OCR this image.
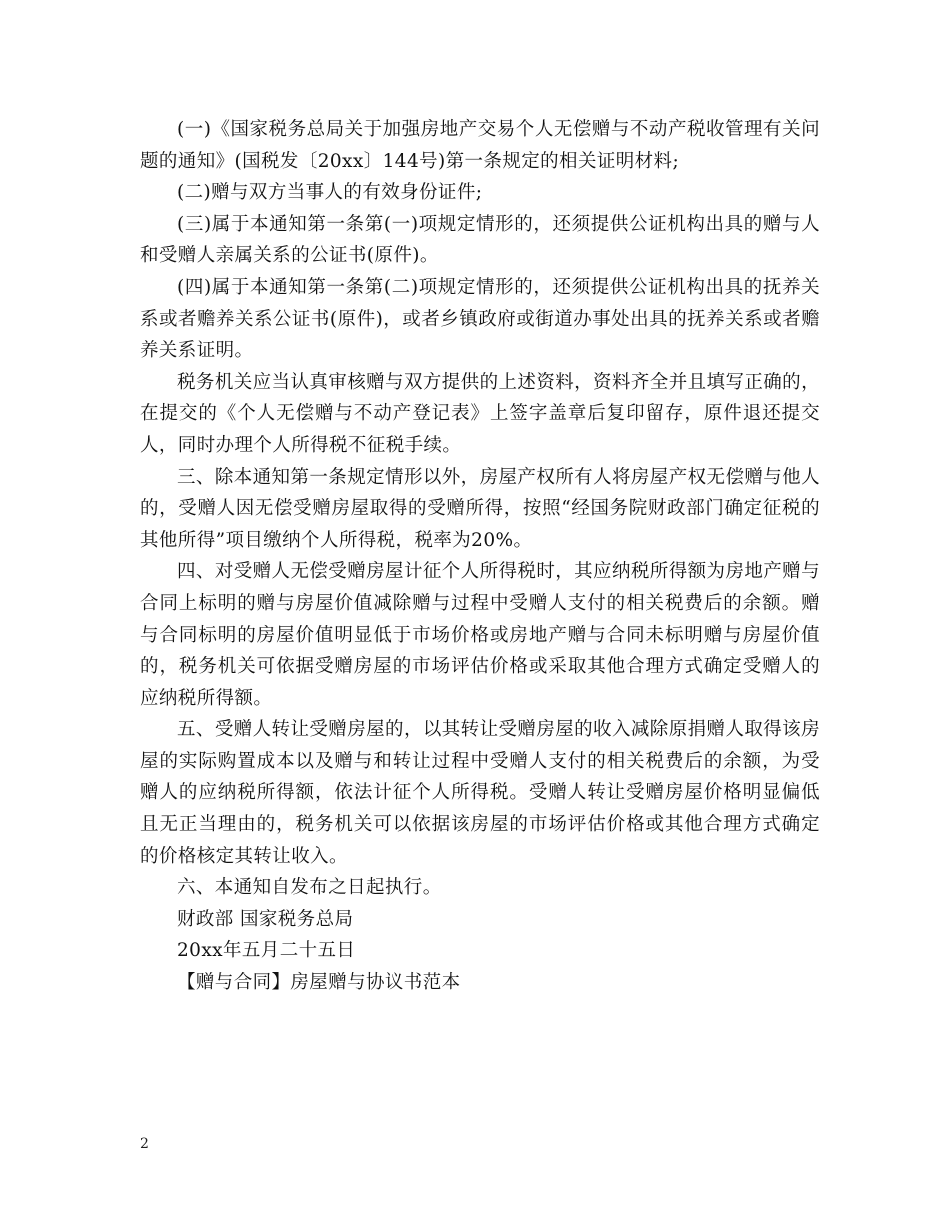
(一)《国家税务总局关于加强房地产交易个人无偿赠与不动产税收管理有关问题的通知》(国税发〔20xx〕144号)第一条规定的相关证明材料;

(二)赠与双方当事人的有效身份证件;

(三)属于本通知第一条第(一)项规定情形的，还须提供公证机构出具的赠与人和受赠人亲属关系的公证书(原件)。

(四)属于本通知第一条第(二)项规定情形的，还须提供公证机构出具的抚养关系或者赡养关系公证书(原件)，或者乡镇政府或街道办事处出具的抚养关系或者赡养关系证明。

税务机关应当认真审核赠与双方提供的上述资料，资料齐全并且填写正确的，在提交的《个人无偿赠与不动产登记表》上签字盖章后复印留存，原件退还提交人，同时办理个人所得税不征税手续。

三、除本通知第一条规定情形以外，房屋产权所有人将房屋产权无偿赠与他人的，受赠人因无偿受赠房屋取得的受赠所得，按照“经国务院财政部门确定征税的其他所得”项目缴纳个人所得税，税率为20%。

四、对受赠人无偿受赠房屋计征个人所得税时，其应纳税所得额为房地产赠与合同上标明的赠与房屋价值减除赠与过程中受赠人支付的相关税费后的余额。赠与合同标明的房屋价值明显低于市场价格或房地产赠与合同未标明赠与房屋价值的，税务机关可依据受赠房屋的市场评估价格或采取其他合理方式确定受赠人的应纳税所得额。

五、受赠人转让受赠房屋的，以其转让受赠房屋的收入减除原捐赠人取得该房屋的实际购置成本以及赠与和转让过程中受赠人支付的相关税费后的余额，为受赠人的应纳税所得额，依法计征个人所得税。受赠人转让受赠房屋价格明显偏低且无正当理由的，税务机关可以依据该房屋的市场评估价格或其他合理方式确定的价格核定其转让收入。

六、本通知自发布之日起执行。

财政部 国家税务总局

20xx年五月二十五日

【赠与合同】房屋赠与协议书范本

2
